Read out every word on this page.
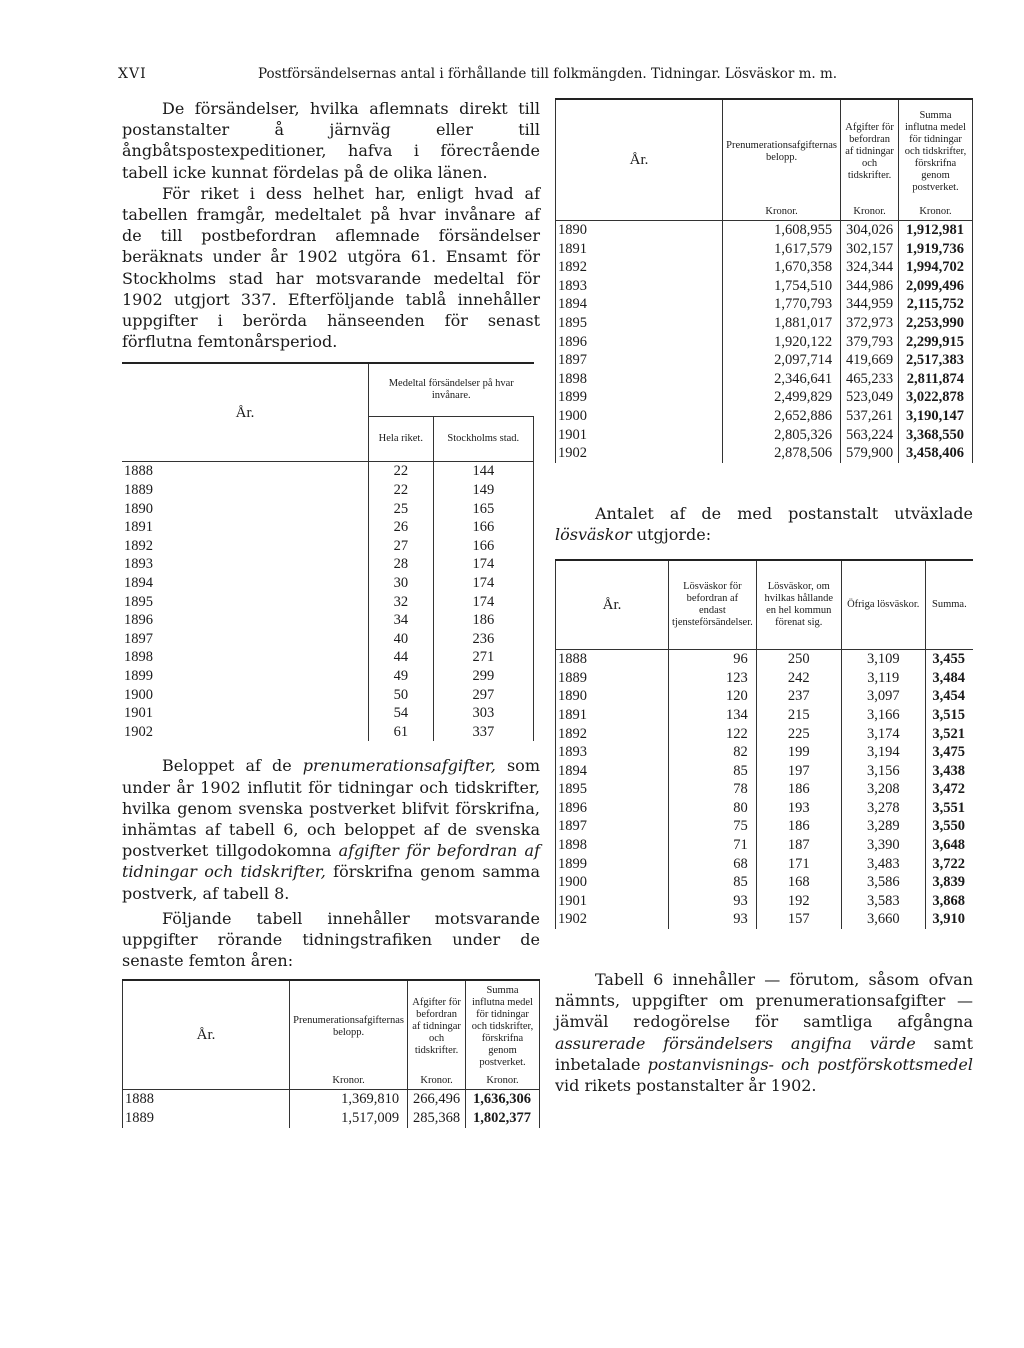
XVI	Postförsändelsernas antal i förhållande till folkmängden. Tidningar. Lösväskor m. m.

De försändelser, hvilka aflemnats direkt till postanstalter å järnväg eller till ångbåtspostexpeditioner, hafva i föreстående tabell icke kunnat fördelas på de olika länen.

För riket i dess helhet har, enligt hvad af tabellen framgår, medeltalet på hvar invånare af de till postbefordran aflemnade försändelser beräknats under år 1902 utgöra 61. Ensamt för Stockholms stad har motsvarande medeltal för 1902 utgjort 337. Efterföljande tablå innehåller uppgifter i berörda hänseenden för senast förflutna femtonårsperiod.

År.	Medeltal försändelser på hvar invånare.	
	Hela riket.	Stockholms stad.
1888	22	144
1889	22	149
1890	25	165
1891	26	166
1892	27	166
1893	28	174
1894	30	174
1895	32	174
1896	34	186
1897	40	236
1898	44	271
1899	49	299
1900	50	297
1901	54	303
1902	61	337

Beloppet af de prenumerationsafgifter, som under år 1902 influtit för tidningar och tidskrifter, hvilka genom svenska postverket blifvit förskrifna, inhämtas af tabell 6, och beloppet af de svenska postverket tillgodokomna afgifter för befordran af tidningar och tidskrifter, förskrifna genom samma postverk, af tabell 8.

Följande tabell innehåller motsvarande uppgifter rörande tidningstrafiken under de senaste femton åren:

År.	Prenumerationsafgifternas belopp.	Afgifter för befordran af tidningar och tidskrifter.	Summa influtna medel för tidningar och tidskrifter, förskrifna genom postverket.
	Kronor.	Kronor.	Kronor.
1888	1,369,810	266,496	1,636,306
1889	1,517,009	285,368	1,802,377
År.	Prenumerationsafgifternas belopp.	Afgifter för befordran af tidningar och tidskrifter.	Summa influtna medel för tidningar och tidskrifter, förskrifna genom postverket.
	Kronor.	Kronor.	Kronor.
1890	1,608,955	304,026	1,912,981
1891	1,617,579	302,157	1,919,736
1892	1,670,358	324,344	1,994,702
1893	1,754,510	344,986	2,099,496
1894	1,770,793	344,959	2,115,752
1895	1,881,017	372,973	2,253,990
1896	1,920,122	379,793	2,299,915
1897	2,097,714	419,669	2,517,383
1898	2,346,641	465,233	2,811,874
1899	2,499,829	523,049	3,022,878
1900	2,652,886	537,261	3,190,147
1901	2,805,326	563,224	3,368,550
1902	2,878,506	579,900	3,458,406

Antalet af de med postanstalt utväxlade lösväskor utgjorde:

År.	Lösväskor för befordran af endast tjensteförsändelser.	Lösväskor, om hvilkas hållande en hel kommun förenat sig.	Öfriga lösväskor.	Summa.
1888	96	250	3,109	3,455
1889	123	242	3,119	3,484
1890	120	237	3,097	3,454
1891	134	215	3,166	3,515
1892	122	225	3,174	3,521
1893	82	199	3,194	3,475
1894	85	197	3,156	3,438
1895	78	186	3,208	3,472
1896	80	193	3,278	3,551
1897	75	186	3,289	3,550
1898	71	187	3,390	3,648
1899	68	171	3,483	3,722
1900	85	168	3,586	3,839
1901	93	192	3,583	3,868
1902	93	157	3,660	3,910

Tabell 6 innehåller — förutom, såsom ofvan nämnts, uppgifter om prenumerationsafgifter — jämväl redogörelse för samtliga afgångna assurerade försändelsers angifna värde samt inbetalade postanvisnings- och postförskottsmedel vid rikets postanstalter år 1902.
